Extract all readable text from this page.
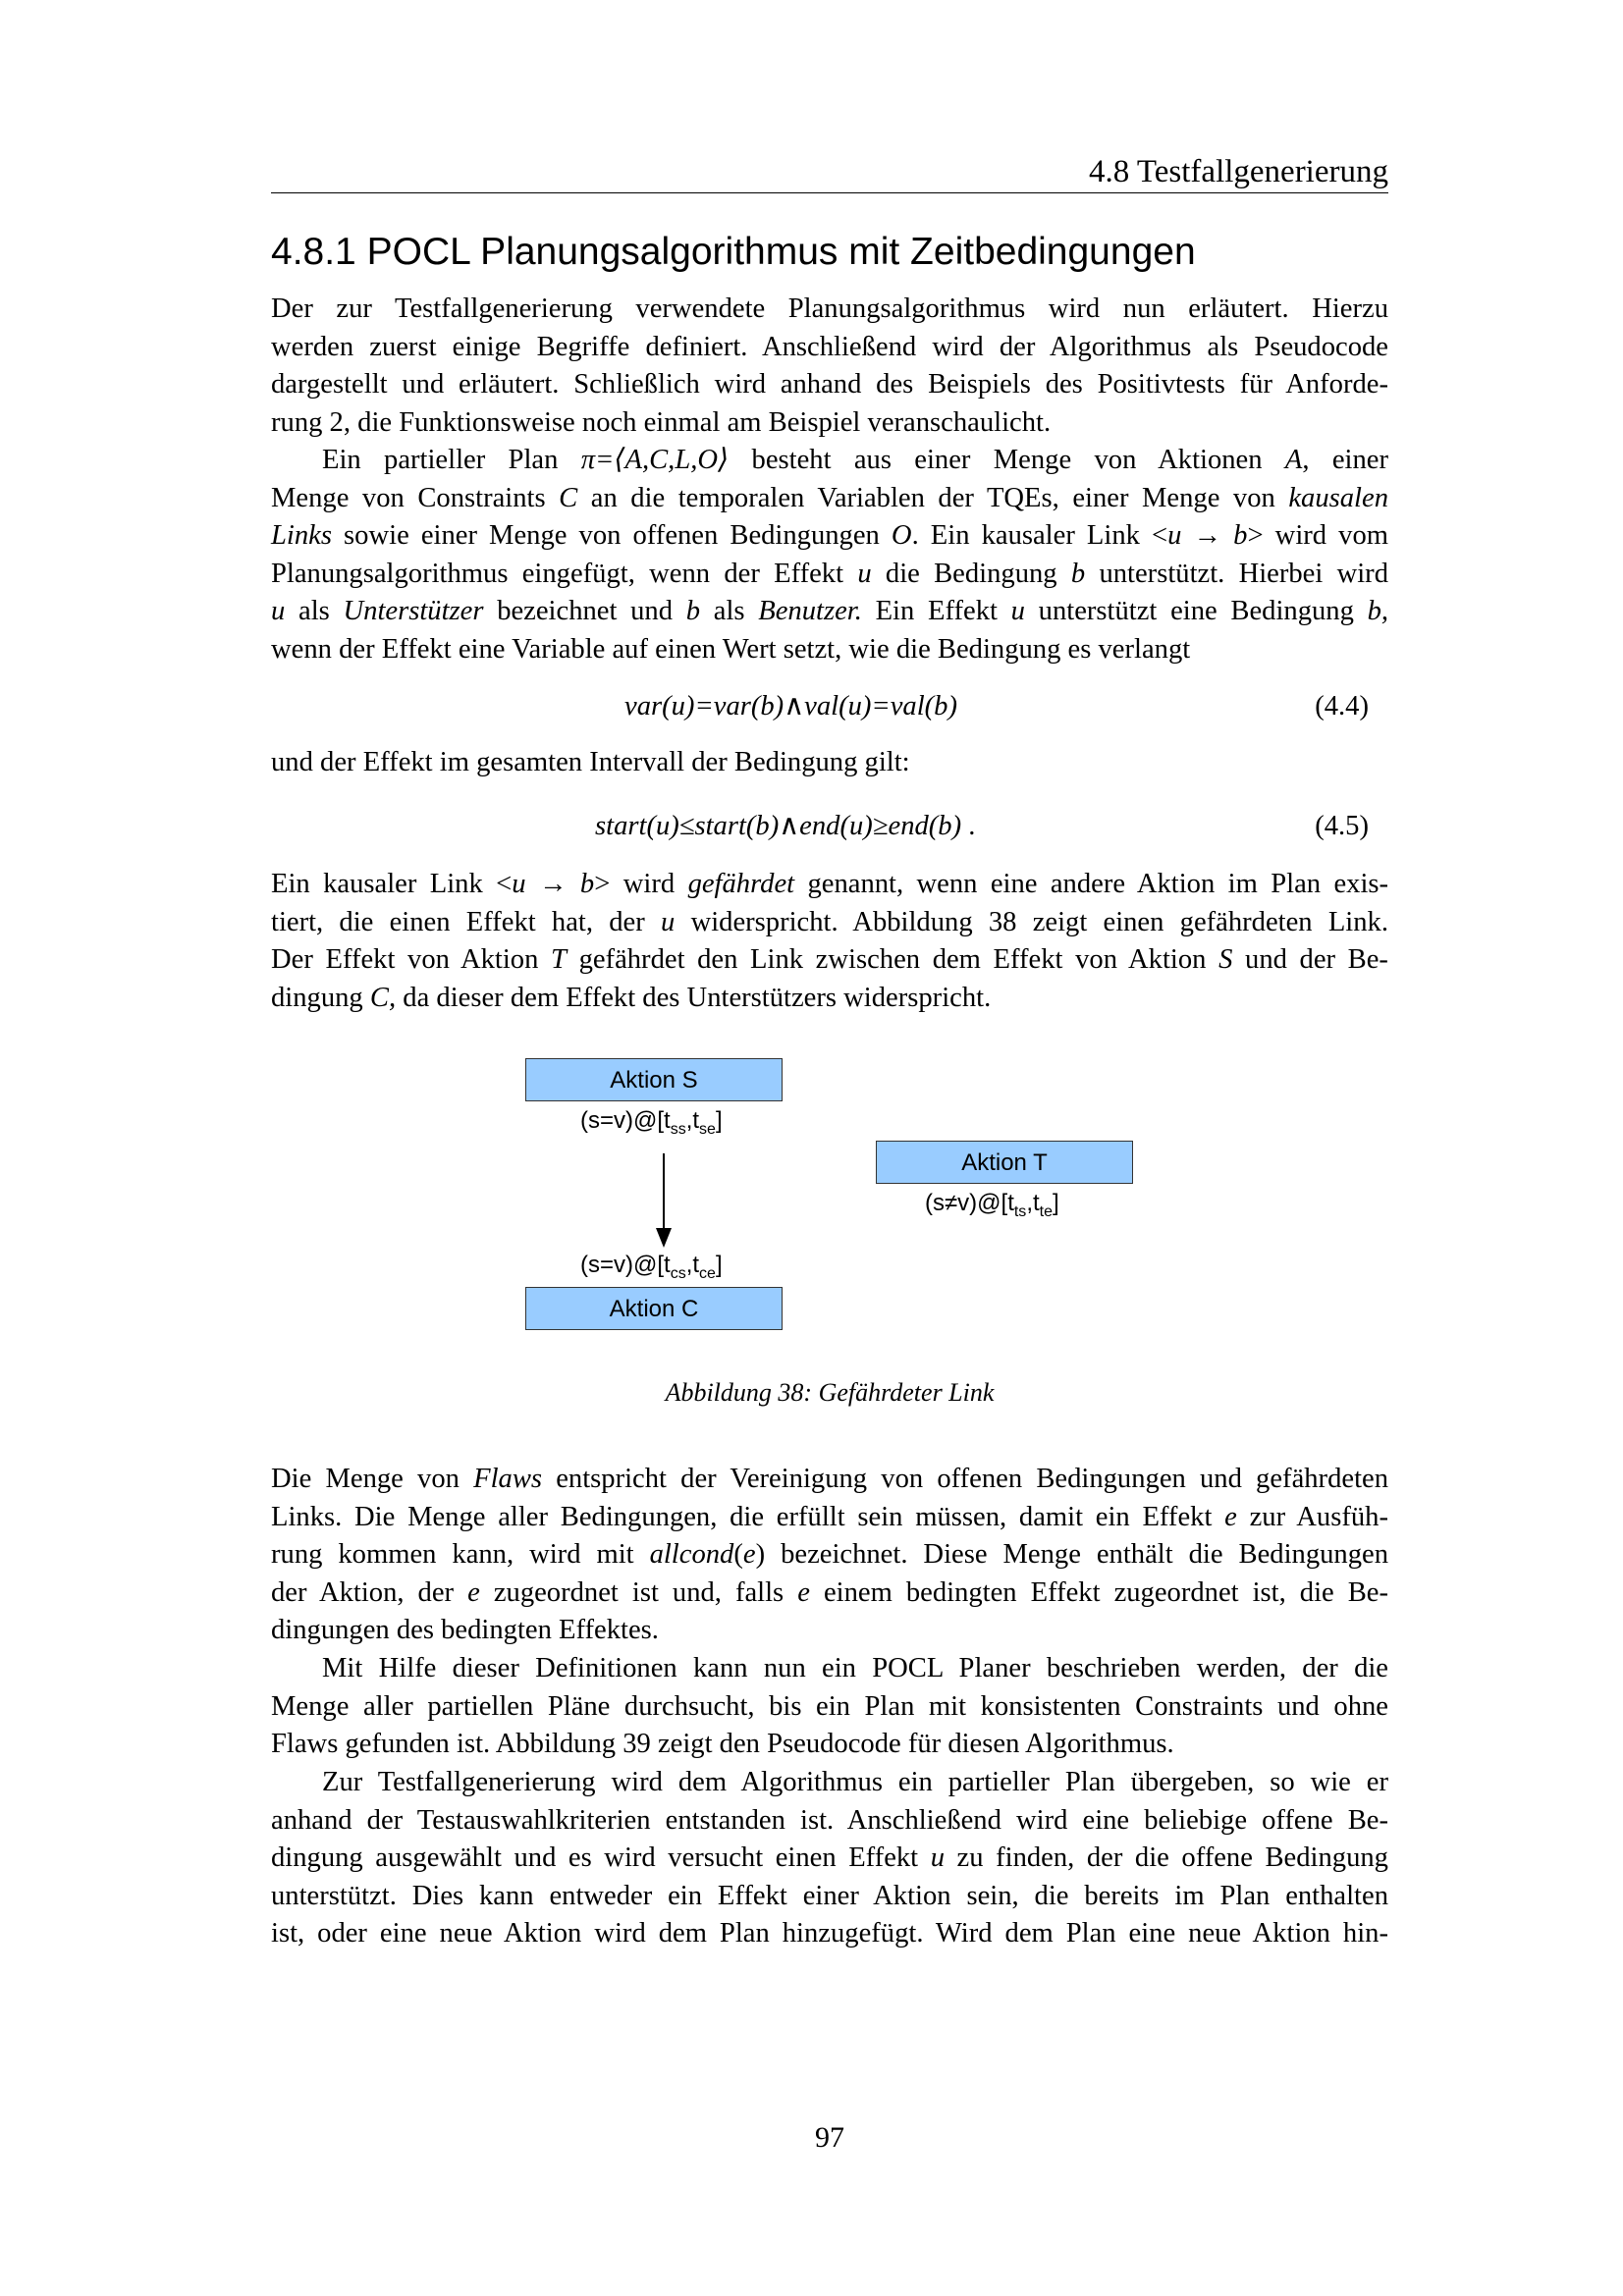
4.8 Testfallgenerierung
4.8.1 POCL Planungsalgorithmus mit Zeitbedingungen
Der zur Testfallgenerierung verwendete Planungsalgorithmus wird nun erläutert. Hierzu
werden zuerst einige Begriffe definiert. Anschließend wird der Algorithmus als Pseudocode
dargestellt und erläutert. Schließlich wird anhand des Beispiels des Positivtests für Anforde-
rung 2, die Funktionsweise noch einmal am Beispiel veranschaulicht.
Ein partieller Plan π=⟨A,C,L,O⟩ besteht aus einer Menge von Aktionen A, einer
Menge von Constraints C an die temporalen Variablen der TQEs, einer Menge von kausalen
Links sowie einer Menge von offenen Bedingungen O. Ein kausaler Link <u → b> wird vom
Planungsalgorithmus eingefügt, wenn der Effekt u die Bedingung b unterstützt. Hierbei wird
u als Unterstützer bezeichnet und b als Benutzer. Ein Effekt u unterstützt eine Bedingung b,
wenn der Effekt eine Variable auf einen Wert setzt, wie die Bedingung es verlangt
var(u)=var(b)∧val(u)=val(b)	(4.4)
und der Effekt im gesamten Intervall der Bedingung gilt:
start(u)≤start(b)∧end(u)≥end(b) .	(4.5)
Ein kausaler Link <u → b> wird gefährdet genannt, wenn eine andere Aktion im Plan exis-
tiert, die einen Effekt hat, der u widerspricht. Abbildung 38 zeigt einen gefährdeten Link.
Der Effekt von Aktion T gefährdet den Link zwischen dem Effekt von Aktion S und der Be-
dingung C, da dieser dem Effekt des Unterstützers widerspricht.
Aktion S
$(s=v)@[t_{ss},t_{se}]$
Aktion T
$(s\ne v)@[t_{ts},t_{te}]$
$(s=v)@[t_{cs},t_{ce}]$
Aktion C
Abbildung 38: Gefährdeter Link
Die Menge von Flaws entspricht der Vereinigung von offenen Bedingungen und gefährdeten
Links. Die Menge aller Bedingungen, die erfüllt sein müssen, damit ein Effekt e zur Ausfüh-
rung kommen kann, wird mit allcond(e) bezeichnet. Diese Menge enthält die Bedingungen
der Aktion, der e zugeordnet ist und, falls e einem bedingten Effekt zugeordnet ist, die Be-
dingungen des bedingten Effektes.
Mit Hilfe dieser Definitionen kann nun ein POCL Planer beschrieben werden, der die
Menge aller partiellen Pläne durchsucht, bis ein Plan mit konsistenten Constraints und ohne
Flaws gefunden ist. Abbildung 39 zeigt den Pseudocode für diesen Algorithmus.
Zur Testfallgenerierung wird dem Algorithmus ein partieller Plan übergeben, so wie er
anhand der Testauswahlkriterien entstanden ist. Anschließend wird eine beliebige offene Be-
dingung ausgewählt und es wird versucht einen Effekt u zu finden, der die offene Bedingung
unterstützt. Dies kann entweder ein Effekt einer Aktion sein, die bereits im Plan enthalten
ist, oder eine neue Aktion wird dem Plan hinzugefügt. Wird dem Plan eine neue Aktion hin-
97
